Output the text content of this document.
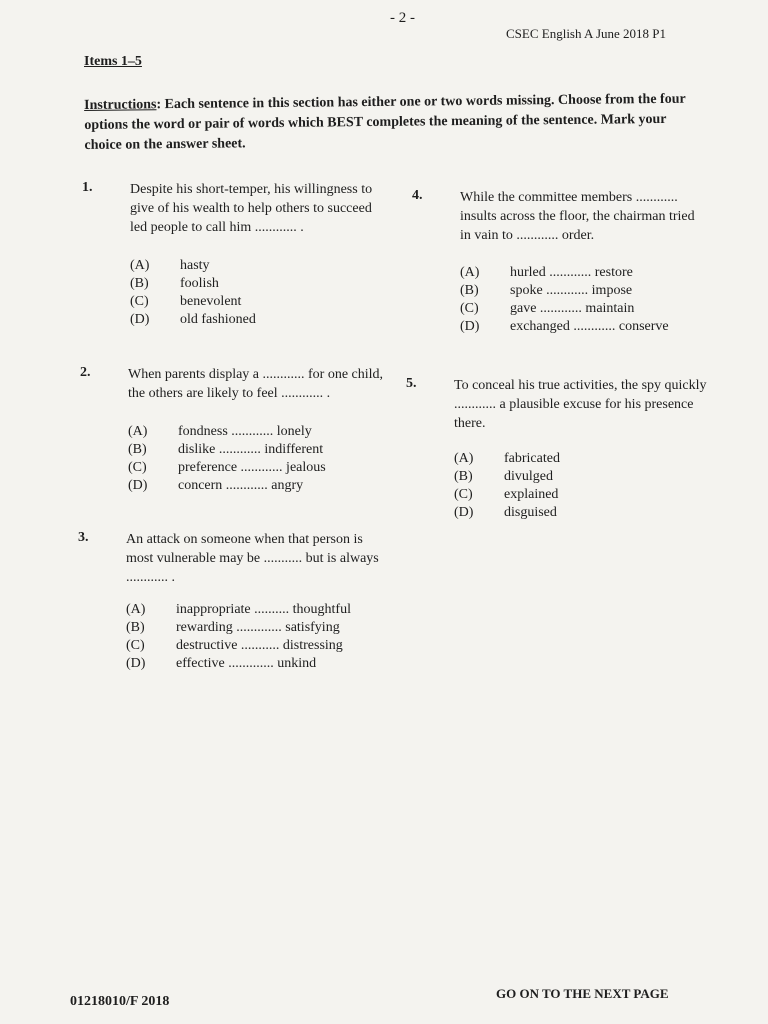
- 2 -
CSEC English A June 2018 P1
Items 1–5
Instructions: Each sentence in this section has either one or two words missing. Choose from the four options the word or pair of words which BEST completes the meaning of the sentence. Mark your choice on the answer sheet.
1.	Despite his short-temper, his willingness to give of his wealth to help others to succeed led people to call him ............ .
(A)	hasty
(B)	foolish
(C)	benevolent
(D)	old fashioned
2.	When parents display a ............ for one child, the others are likely to feel ............ .
(A)	fondness ............ lonely
(B)	dislike ............ indifferent
(C)	preference ............ jealous
(D)	concern ............ angry
3.	An attack on someone when that person is most vulnerable may be ........... but is always ............ .
(A)	inappropriate .......... thoughtful
(B)	rewarding ............. satisfying
(C)	destructive ........... distressing
(D)	effective ............. unkind
4.	While the committee members ............ insults across the floor, the chairman tried in vain to ............ order.
(A)	hurled ............ restore
(B)	spoke ............ impose
(C)	gave ............ maintain
(D)	exchanged ............ conserve
5.	To conceal his true activities, the spy quickly ............ a plausible excuse for his presence there.
(A)	fabricated
(B)	divulged
(C)	explained
(D)	disguised
01218010/F 2018
GO ON TO THE NEXT PAGE
